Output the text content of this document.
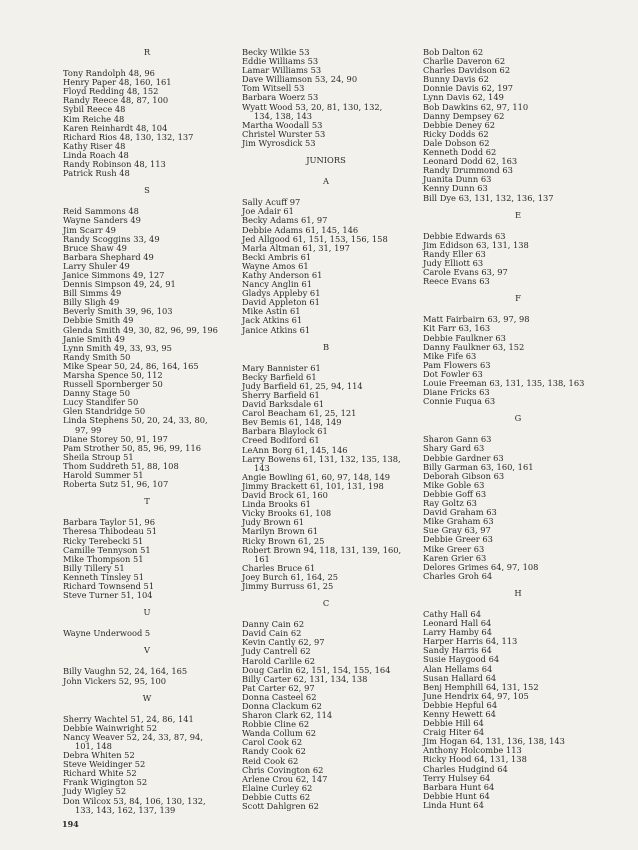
R
Tony Randolph 48, 96
Henry Paper 48, 160, 161
Floyd Redding 48, 152
Randy Reece 48, 87, 100
Sybil Reece 48
Kim Reiche 48
Karen Reinhardt 48, 104
Richard Rios 48, 130, 132, 137
Kathy Riser 48
Linda Roach 48
Randy Robinson 48, 113
Patrick Rush 48
S
Reid Sammons 48
Wayne Sanders 49
Jim Scarr 49
Randy Scoggins 33, 49
Bruce Shaw 49
Barbara Shephard 49
Larry Shuler 49
Janice Simmons 49, 127
Dennis Simpson 49, 24, 91
Bill Simms 49
Billy Sligh 49
Beverly Smith 39, 96, 103
Debbie Smith 49
Glenda Smith 49, 30, 82, 96, 99, 196
Janie Smith 49
Lynn Smith 49, 33, 93, 95
Randy Smith 50
Mike Spear 50, 24, 86, 164, 165
Marsha Spence 50, 112
Russell Spornberger 50
Danny Stage 50
Lucy Standifer 50
Glen Standridge 50
Linda Stephens 50, 20, 24, 33, 80,
97, 99
Diane Storey 50, 91, 197
Pam Strother 50, 85, 96, 99, 116
Sheila Stroup 51
Thom Suddreth 51, 88, 108
Harold Summer 51
Roberta Sutz 51, 96, 107
T
Barbara Taylor 51, 96
Theresa Thibodeau 51
Ricky Terebecki 51
Camille Tennyson 51
Mike Thompson 51
Billy Tillery 51
Kenneth Tinsley 51
Richard Townsend 51
Steve Turner 51, 104
U
Wayne Underwood 5
V
Billy Vaughn 52, 24, 164, 165
John Vickers 52, 95, 100
W
Sherry Wachtel 51, 24, 86, 141
Debbie Wainwright 52
Nancy Weaver 52, 24, 33, 87, 94,
101, 148
Debra Whiten 52
Steve Weidinger 52
Richard White 52
Frank Wigington 52
Judy Wigley 52
Don Wilcox 53, 84, 106, 130, 132,
133, 143, 162, 137, 139
Becky Wilkie 53
Eddie Williams 53
Lamar Williams 53
Dave Williamson 53, 24, 90
Tom Witsell 53
Barbara Woerz 53
Wyatt Wood 53, 20, 81, 130, 132,
134, 138, 143
Martha Woodall 53
Christel Wurster 53
Jim Wyrosdick 53
JUNIORS
A
Sally Acuff 97
Joe Adair 61
Becky Adams 61, 97
Debbie Adams 61, 145, 146
Jed Allgood 61, 151, 153, 156, 158
Marla Altman 61, 31, 197
Becki Ambris 61
Wayne Amos 61
Kathy Anderson 61
Nancy Anglin 61
Gladys Appleby 61
David Appleton 61
Mike Astin 61
Jack Atkins 61
Janice Atkins 61
B
Mary Bannister 61
Becky Barfield 61
Judy Barfield 61, 25, 94, 114
Sherry Barfield 61
David Barksdale 61
Carol Beacham 61, 25, 121
Bev Bemis 61, 148, 149
Barbara Blaylock 61
Creed Bodiford 61
LeAnn Borg 61, 145, 146
Larry Bowens 61, 131, 132, 135, 138,
143
Angie Bowling 61, 60, 97, 148, 149
Jimmy Brackett 61, 101, 131, 198
David Brock 61, 160
Linda Brooks 61
Vicky Brooks 61, 108
Judy Brown 61
Marilyn Brown 61
Ricky Brown 61, 25
Robert Brown 94, 118, 131, 139, 160,
161
Charles Bruce 61
Joey Burch 61, 164, 25
Jimmy Burruss 61, 25
C
Danny Cain 62
David Cain 62
Kevin Cantly 62, 97
Judy Cantrell 62
Harold Carlile 62
Doug Carlin 62, 151, 154, 155, 164
Billy Carter 62, 131, 134, 138
Pat Carter 62, 97
Donna Casteel 62
Donna Clackum 62
Sharon Clark 62, 114
Robbie Cline 62
Wanda Collum 62
Carol Cook 62
Randy Cook 62
Reid Cook 62
Chris Covington 62
Arlene Crou 62, 147
Elaine Curley 62
Debbie Cutts 62
Scott Dahlgren 62
Bob Dalton 62
Charlie Daveron 62
Charles Davidson 62
Bunny Davis 62
Donnie Davis 62, 197
Lynn Davis 62, 149
Bob Dawkins 62, 97, 110
Danny Dempsey 62
Debbie Deney 62
Ricky Dodds 62
Dale Dobson 62
Kenneth Dodd 62
Leonard Dodd 62, 163
Randy Drummond 63
Juanita Dunn 63
Kenny Dunn 63
Bill Dye 63, 131, 132, 136, 137
E
Debbie Edwards 63
Jim Edidson 63, 131, 138
Randy Eller 63
Judy Elliott 63
Carole Evans 63, 97
Reece Evans 63
F
Matt Fairbairn 63, 97, 98
Kit Farr 63, 163
Debbie Faulkner 63
Danny Faulkner 63, 152
Mike Fife 63
Pam Flowers 63
Dot Fowler 63
Louie Freeman 63, 131, 135, 138, 163
Diane Fricks 63
Connie Fuqua 63
G
Sharon Gann 63
Shary Gard 63
Debbie Gardner 63
Billy Garman 63, 160, 161
Deborah Gibson 63
Mike Goble 63
Debbie Goff 63
Ray Goltz 63
David Graham 63
Mike Graham 63
Sue Gray 63, 97
Debbie Greer 63
Mike Greer 63
Karen Grier 63
Delores Grimes 64, 97, 108
Charles Groh 64
H
Cathy Hall 64
Leonard Hall 64
Larry Hamby 64
Harper Harris 64, 113
Sandy Harris 64
Susie Haygood 64
Alan Hellams 64
Susan Hallard 64
Benj Hemphill 64, 131, 152
June Hendrix 64, 97, 105
Debbie Hepful 64
Kenny Hewett 64
Debbie Hill 64
Craig Hiter 64
Jim Hogan 64, 131, 136, 138, 143
Anthony Holcombe 113
Ricky Hood 64, 131, 138
Charles Hudgind 64
Terry Hulsey 64
Barbara Hunt 64
Debbie Hunt 64
Linda Hunt 64
194
